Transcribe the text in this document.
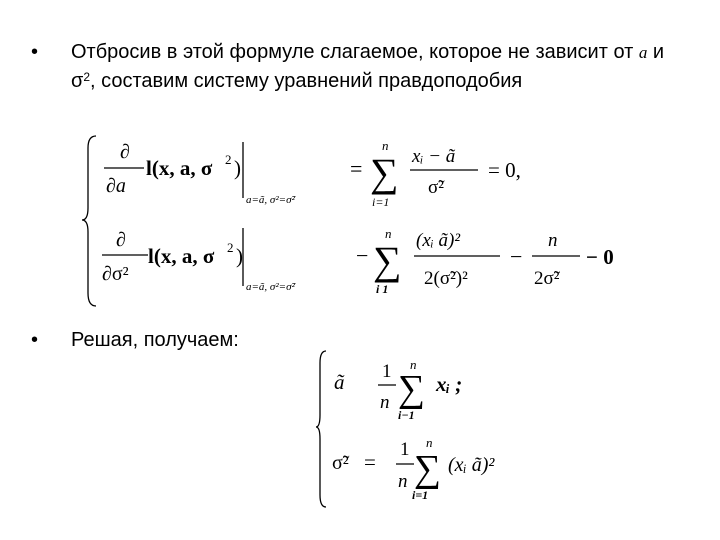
•	Отбросив в этой формуле слагаемое, которое не зависит от a и $\sigma^2$, составим систему уравнений правдоподобия
∂
∂a
l(x, a, σ 2 )
a=ã, σ²=σ̃²
=
n
∑
i=1
xᵢ − ã
σ̃²
= 0,
∂
∂σ²
l(x, a, σ 2 )
a=ã, σ²=σ̃²
−
n
∑
i 1
(xᵢ ã)²
2(σ̃²)²
−
n
2σ̃²
− 0
•	Решая, получаем:
ã 1
n
n
∑
i−1
xᵢ ;
σ̃² =
1
n
n
∑
i=1
(xᵢ ã)²
